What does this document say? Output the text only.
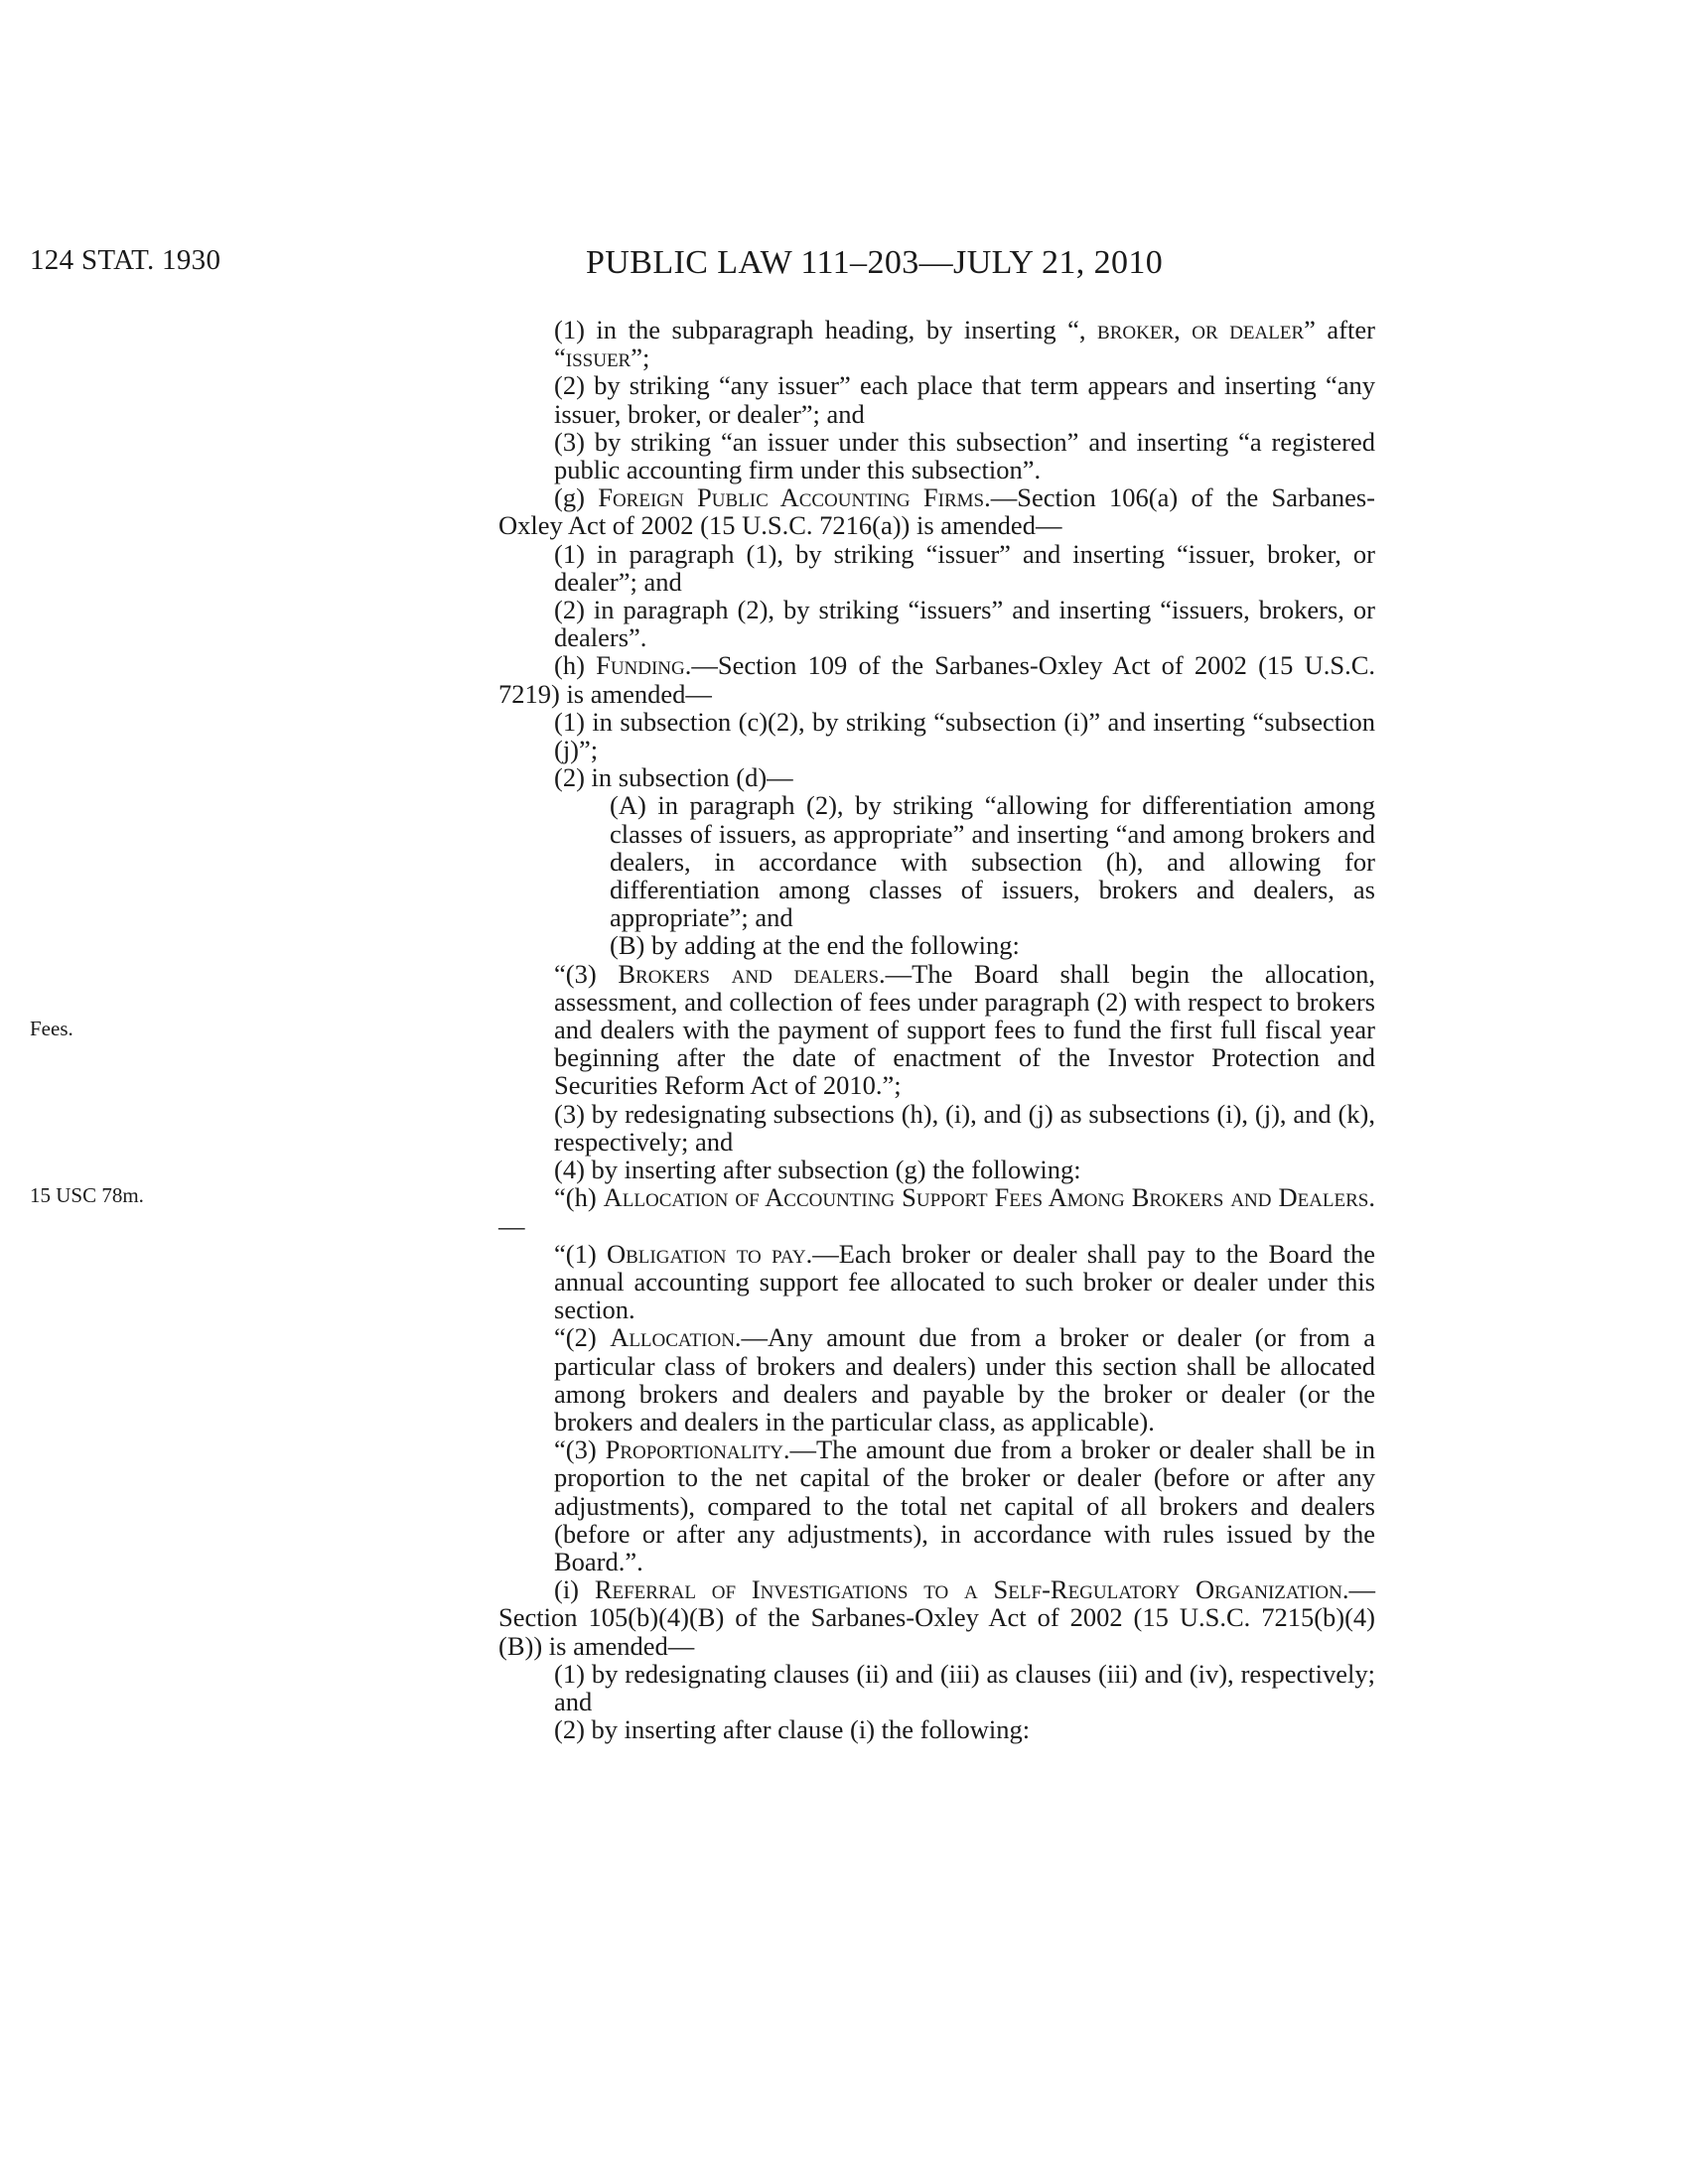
124 STAT. 1930	PUBLIC LAW 111–203—JULY 21, 2010
Fees.
15 USC 78m.

(1) in the subparagraph heading, by inserting “, broker, or dealer” after “issuer”;

(2) by striking “any issuer” each place that term appears and inserting “any issuer, broker, or dealer”; and

(3) by striking “an issuer under this subsection” and inserting “a registered public accounting firm under this subsection”.

(g) Foreign Public Accounting Firms.—Section 106(a) of the Sarbanes-Oxley Act of 2002 (15 U.S.C. 7216(a)) is amended—

(1) in paragraph (1), by striking “issuer” and inserting “issuer, broker, or dealer”; and

(2) in paragraph (2), by striking “issuers” and inserting “issuers, brokers, or dealers”.

(h) Funding.—Section 109 of the Sarbanes-Oxley Act of 2002 (15 U.S.C. 7219) is amended—

(1) in subsection (c)(2), by striking “subsection (i)” and inserting “subsection (j)”;

(2) in subsection (d)—

(A) in paragraph (2), by striking “allowing for differentiation among classes of issuers, as appropriate” and inserting “and among brokers and dealers, in accordance with subsection (h), and allowing for differentiation among classes of issuers, brokers and dealers, as appropriate”; and

(B) by adding at the end the following:

“(3) Brokers and dealers.—The Board shall begin the allocation, assessment, and collection of fees under paragraph (2) with respect to brokers and dealers with the payment of support fees to fund the first full fiscal year beginning after the date of enactment of the Investor Protection and Securities Reform Act of 2010.”;

(3) by redesignating subsections (h), (i), and (j) as subsections (i), (j), and (k), respectively; and

(4) by inserting after subsection (g) the following:

“(h) Allocation of Accounting Support Fees Among Brokers and Dealers.—

“(1) Obligation to pay.—Each broker or dealer shall pay to the Board the annual accounting support fee allocated to such broker or dealer under this section.

“(2) Allocation.—Any amount due from a broker or dealer (or from a particular class of brokers and dealers) under this section shall be allocated among brokers and dealers and payable by the broker or dealer (or the brokers and dealers in the particular class, as applicable).

“(3) Proportionality.—The amount due from a broker or dealer shall be in proportion to the net capital of the broker or dealer (before or after any adjustments), compared to the total net capital of all brokers and dealers (before or after any adjustments), in accordance with rules issued by the Board.”.

(i) Referral of Investigations to a Self-Regulatory Organization.—Section 105(b)(4)(B) of the Sarbanes-Oxley Act of 2002 (15 U.S.C. 7215(b)(4)(B)) is amended—

(1) by redesignating clauses (ii) and (iii) as clauses (iii) and (iv), respectively; and

(2) by inserting after clause (i) the following:
